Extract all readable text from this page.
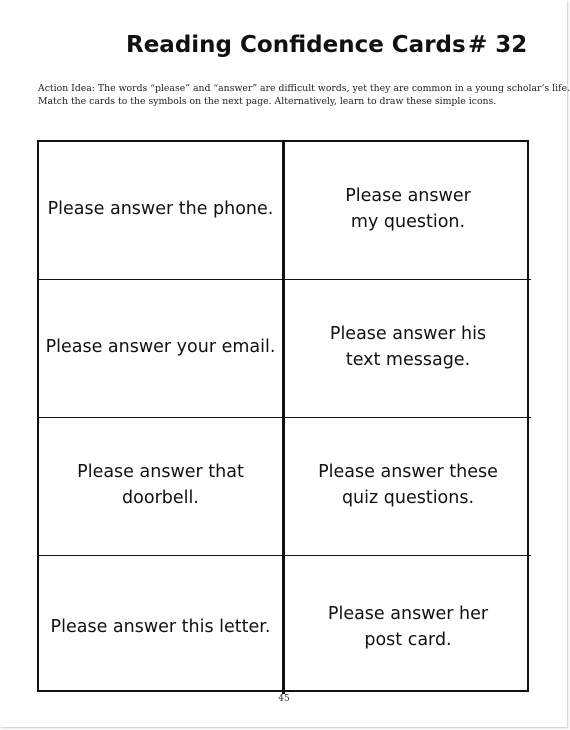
Reading Confidence Cards # 32

Action Idea: The words “please” and “answer” are difficult words, yet they are common in a young scholar’s life.

Match the cards to the symbols on the next page. Alternatively, learn to draw these simple icons.

Please answer the phone.
Please answer
my question.
Please answer your email.
Please answer his
text message.
Please answer that
doorbell.
Please answer these
quiz questions.
Please answer this letter.
Please answer her
post card.
45
